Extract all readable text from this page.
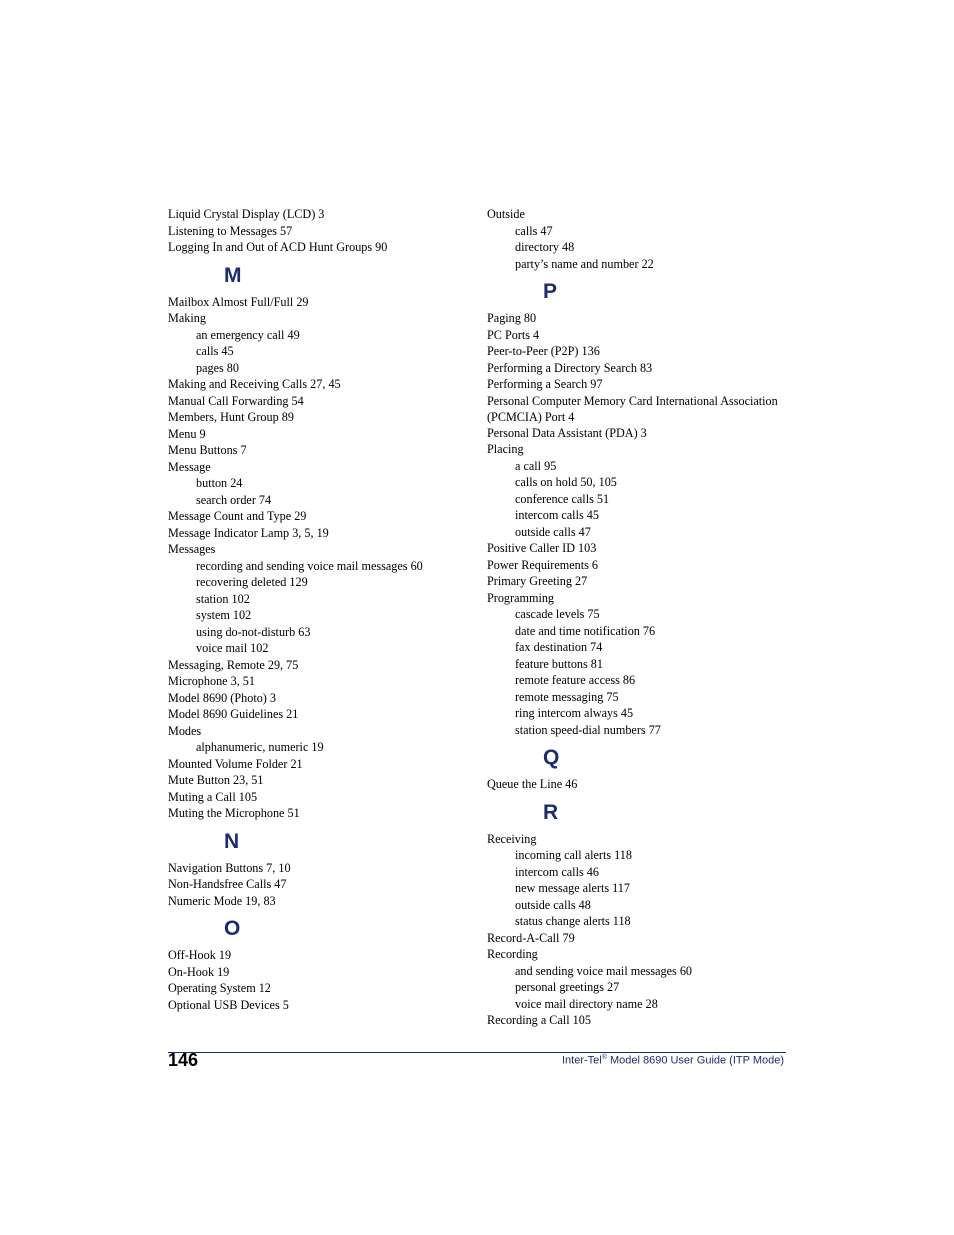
Liquid Crystal Display (LCD) 3
Listening to Messages 57
Logging In and Out of ACD Hunt Groups 90
M
Mailbox Almost Full/Full 29
Making
an emergency call 49
calls 45
pages 80
Making and Receiving Calls 27, 45
Manual Call Forwarding 54
Members, Hunt Group 89
Menu 9
Menu Buttons 7
Message
button 24
search order 74
Message Count and Type 29
Message Indicator Lamp 3, 5, 19
Messages
recording and sending voice mail messages 60
recovering deleted 129
station 102
system 102
using do-not-disturb 63
voice mail 102
Messaging, Remote 29, 75
Microphone 3, 51
Model 8690 (Photo) 3
Model 8690 Guidelines 21
Modes
alphanumeric, numeric 19
Mounted Volume Folder 21
Mute Button 23, 51
Muting a Call 105
Muting the Microphone 51
N
Navigation Buttons 7, 10
Non-Handsfree Calls 47
Numeric Mode 19, 83
O
Off-Hook 19
On-Hook 19
Operating System 12
Optional USB Devices 5
Outside
calls 47
directory 48
party’s name and number 22
P
Paging 80
PC Ports 4
Peer-to-Peer (P2P) 136
Performing a Directory Search 83
Performing a Search 97
Personal Computer Memory Card International Association (PCMCIA) Port 4
Personal Data Assistant (PDA) 3
Placing
a call 95
calls on hold 50, 105
conference calls 51
intercom calls 45
outside calls 47
Positive Caller ID 103
Power Requirements 6
Primary Greeting 27
Programming
cascade levels 75
date and time notification 76
fax destination 74
feature buttons 81
remote feature access 86
remote messaging 75
ring intercom always 45
station speed-dial numbers 77
Q
Queue the Line 46
R
Receiving
incoming call alerts 118
intercom calls 46
new message alerts 117
outside calls 48
status change alerts 118
Record-A-Call 79
Recording
and sending voice mail messages 60
personal greetings 27
voice mail directory name 28
Recording a Call 105
146	Inter-Tel® Model 8690 User Guide (ITP Mode)
